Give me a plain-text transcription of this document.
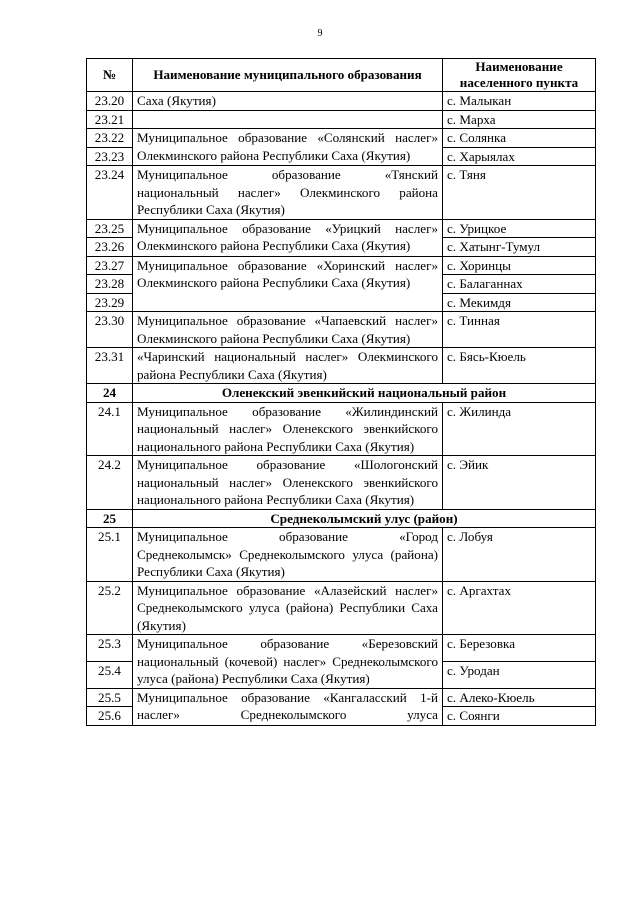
9
№	Наименование муниципального образования	Наименование населенного пункта
23.20	Саха (Якутия)	с. Малыкан
23.21		с. Марха
23.22	Муниципальное образование «Солянский наслег» Олекминского района Республики Саха (Якутия)	с. Солянка
23.23		с. Харыялах
23.24	Муниципальное образование «Тянский национальный наслег» Олекминского района Республики Саха (Якутия)	с. Тяня
23.25	Муниципальное образование «Урицкий наслег» Олекминского района Республики Саха (Якутия)	с. Урицкое
23.26		с. Хатынг-Тумул
23.27	Муниципальное образование «Хоринский наслег» Олекминского района Республики Саха (Якутия)	с. Хоринцы
23.28		с. Балаганнах
23.29		с. Мекимдя
23.30	Муниципальное образование «Чапаевский наслег» Олекминского района Республики Саха (Якутия)	с. Тинная
23.31	«Чаринский национальный наслег» Олекминского района Республики Саха (Якутия)	с. Бясь-Кюель
24	Оленекский эвенкийский национальный район	
24.1	Муниципальное образование «Жилиндинский национальный наслег» Оленекского эвенкийского национального района Республики Саха (Якутия)	с. Жилинда
24.2	Муниципальное образование «Шологонский национальный наслег» Оленекского эвенкийского национального района Республики Саха (Якутия)	с. Эйик
25	Среднеколымский улус (район)	
25.1	Муниципальное образование «Город Среднеколымск» Среднеколымского улуса (района) Республики Саха (Якутия)	с. Лобуя
25.2	Муниципальное образование «Алазейский наслег» Среднеколымского улуса (района) Республики Саха (Якутия)	с. Аргахтах
25.3	Муниципальное образование «Березовский национальный (кочевой) наслег» Среднеколымского улуса (района) Республики Саха (Якутия)	с. Березовка
25.4		с. Уродан
25.5	Муниципальное образование «Кангаласский 1-й наслег» Среднеколымского улуса	с. Алеко-Кюель
25.6		с. Соянги
